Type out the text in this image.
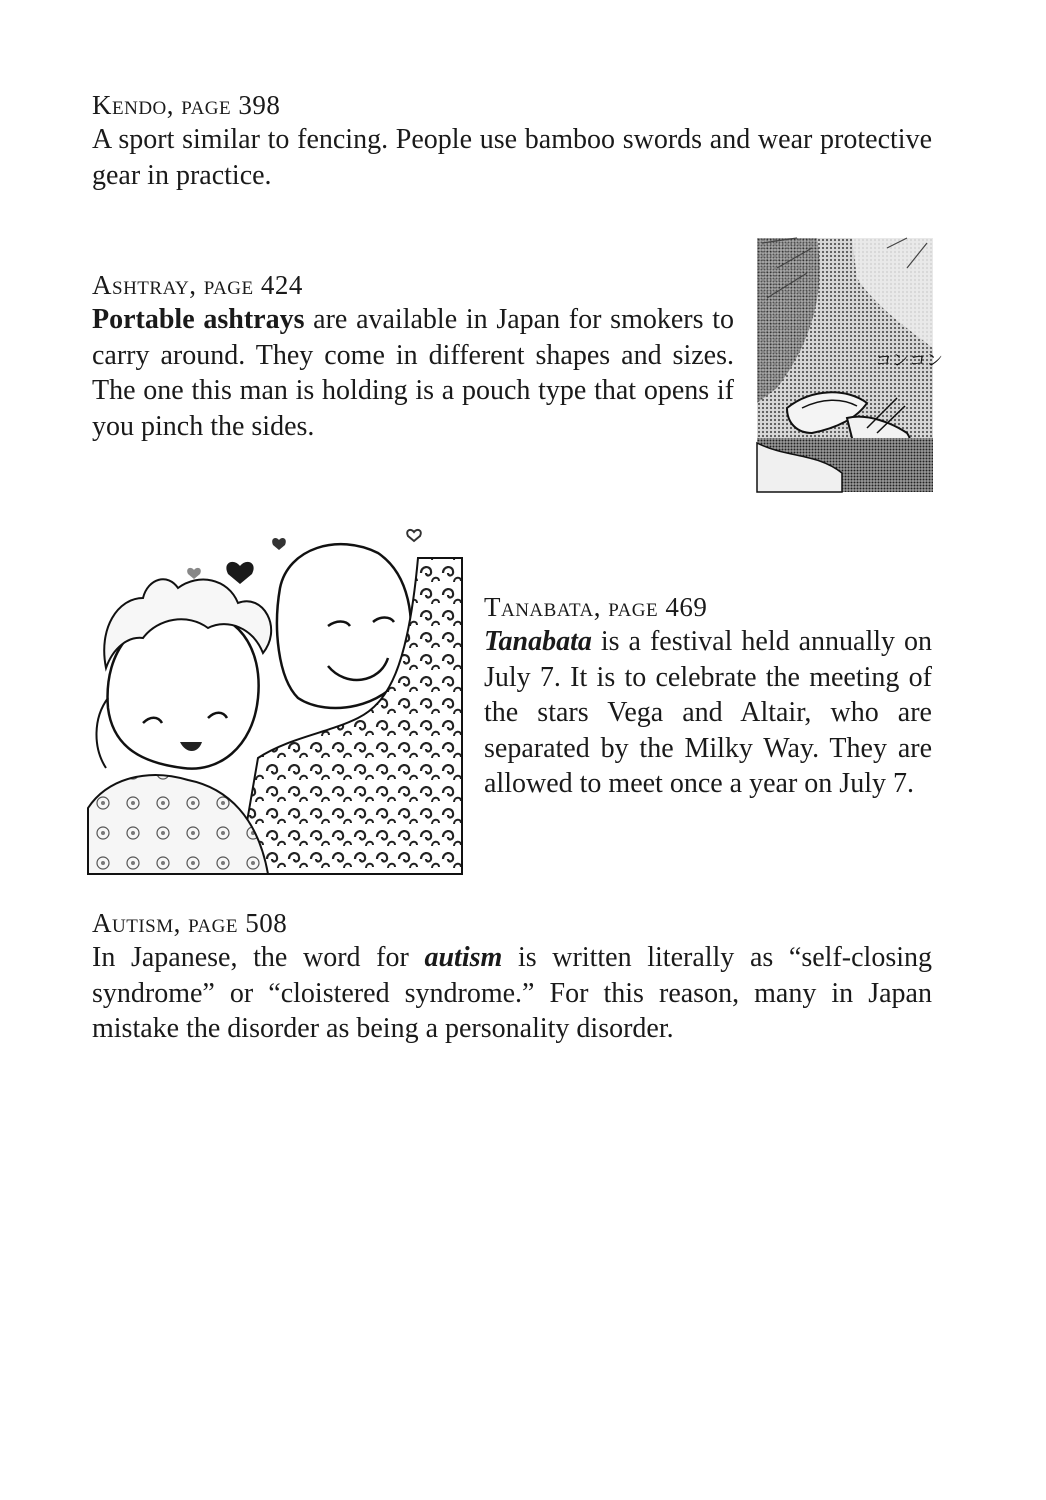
Kendo, page 398

A sport similar to fencing. People use bamboo swords and wear protective gear in practice.

Ashtray, page 424

Portable ashtrays are available in Japan for smokers to carry around. They come in different shapes and sizes. The one this man is holding is a pouch type that opens if you pinch the sides.

コンコン

Tanabata, page 469

Tanabata is a festival held annually on July 7. It is to celebrate the meeting of the stars Vega and Altair, who are separated by the Milky Way. They are allowed to meet once a year on July 7.

Autism, page 508

In Japanese, the word for autism is written literally as “self-closing syndrome” or “cloistered syndrome.” For this reason, many in Japan mistake the disorder as being a personality disorder.
